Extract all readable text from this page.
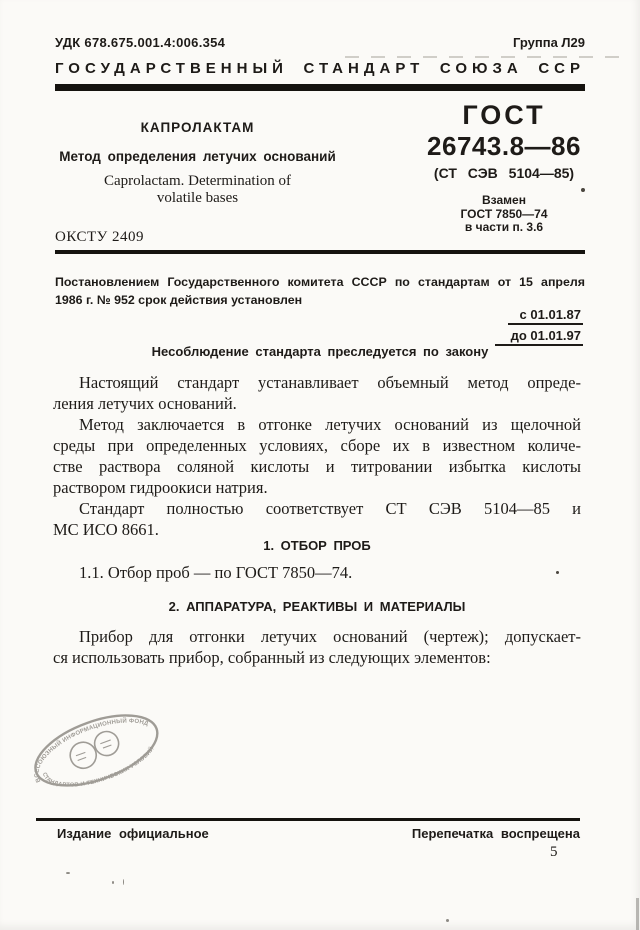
УДК 678.675.001.4:006.354	Группа Л29
ГОСУДАРСТВЕННЫЙ СТАНДАРТ СОЮЗА ССР
КАПРОЛАКТАМ
Метод определения летучих оснований
Caprolactam. Determination of
volatile bases
ГОСТ
26743.8—86
(СТ СЭВ 5104—85)
Взамен
ГОСТ 7850—74
в части п. 3.6
ОКСТУ 2409
Постановлением Государственного комитета СССР по стандартам от 15 апреля
1986 г. № 952 срок действия установлен
с 01.01.87
до 01.01.97
Несоблюдение стандарта преследуется по закону
Настоящий стандарт устанавливает объемный метод опреде-
ления летучих оснований.
Метод заключается в отгонке летучих оснований из щелочной
среды при определенных условиях, сборе их в известном количе-
стве раствора соляной кислоты и титровании избытка кислоты
раствором гидроокиси натрия.
Стандарт полностью соответствует СТ СЭВ 5104—85 и
МС ИСО 8661.
1. ОТБОР ПРОБ
1.1. Отбор проб — по ГОСТ 7850—74.
2. АППАРАТУРА, РЕАКТИВЫ И МАТЕРИАЛЫ
Прибор для отгонки летучих оснований (чертеж); допускает-
ся использовать прибор, собранный из следующих элементов:
ВСЕСОЮЗНЫЙ ИНФОРМАЦИОННЫЙ ФОНД
СТАНДАРТОВ И ТЕХНИЧЕСКИХ УСЛОВИЙ
Издание официальное	Перепечатка воспрещена
5
